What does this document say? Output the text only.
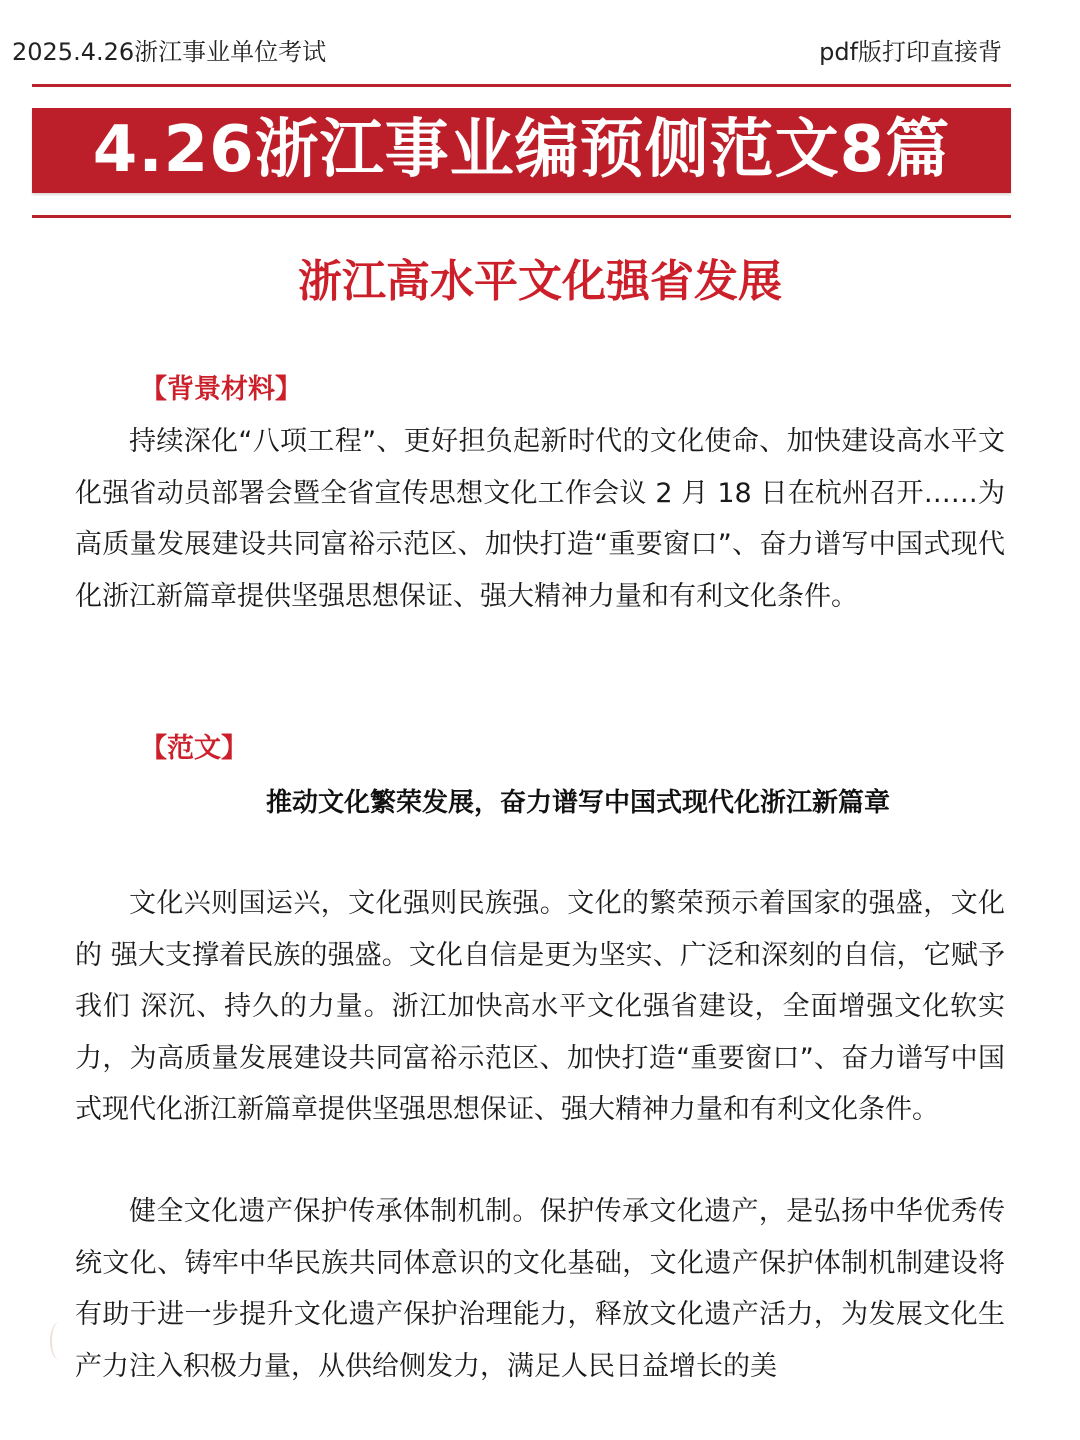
2025.4.26浙江事业单位考试	pdf版打印直接背
4.26浙江事业编预侧范文8篇
浙江高水平文化强省发展
【背景材料】

持续深化“八项工程”、更好担负起新时代的文化使命、加快建设高水平文化强省动员部署会暨全省宣传思想文化工作会议 2 月 18 日在杭州召开……为高质量发展建设共同富裕示范区、加快打造“重要窗口”、奋力谱写中国式现代化浙江新篇章提供坚强思想保证、强大精神力量和有利文化条件。

【范文】
推动文化繁荣发展，奋力谱写中国式现代化浙江新篇章

文化兴则国运兴，文化强则民族强。文化的繁荣预示着国家的强盛，文化的 强大支撑着民族的强盛。文化自信是更为坚实、广泛和深刻的自信，它赋予我们 深沉、持久的力量。浙江加快高水平文化强省建设，全面增强文化软实力，为高质量发展建设共同富裕示范区、加快打造“重要窗口”、奋力谱写中国式现代化浙江新篇章提供坚强思想保证、强大精神力量和有利文化条件。

健全文化遗产保护传承体制机制。保护传承文化遗产，是弘扬中华优秀传统文化、铸牢中华民族共同体意识的文化基础，文化遗产保护体制机制建设将有助于进一步提升文化遗产保护治理能力，释放文化遗产活力，为发展文化生产力注入积极力量，从供给侧发力，满足人民日益增长的美
